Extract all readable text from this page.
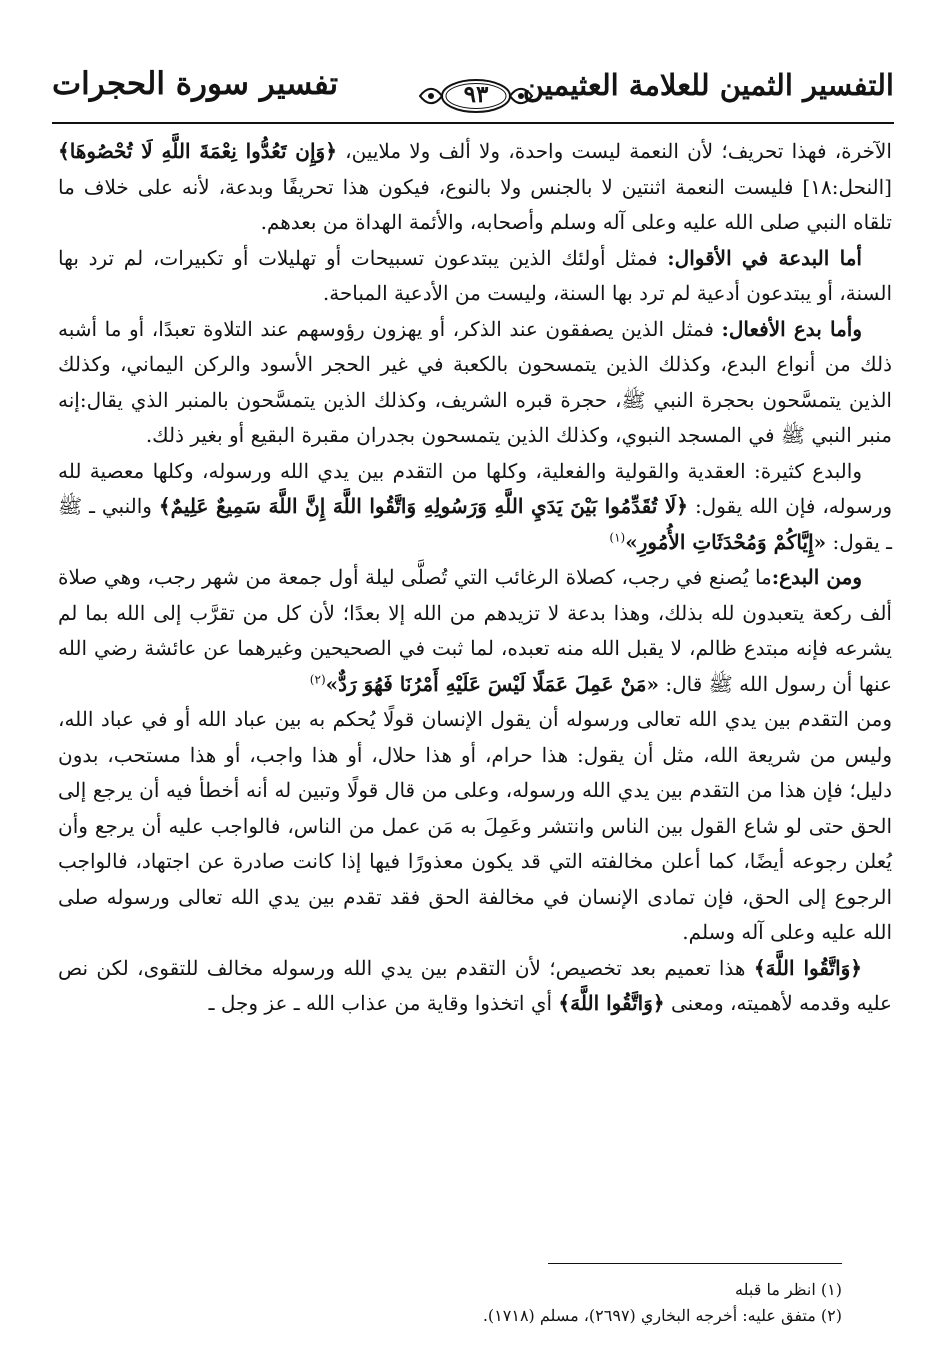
تفسير سورة الحجرات	٩٣	التفسير الثمين للعلامة العثيمين

الآخرة، فهذا تحريف؛ لأن النعمة ليست واحدة، ولا ألف ولا ملايين، ﴿وَإِن تَعُدُّوا نِعْمَةَ اللَّهِ لَا تُحْصُوهَا﴾ [النحل:١٨] فليست النعمة اثنتين لا بالجنس ولا بالنوع، فيكون هذا تحريفًا وبدعة، لأنه على خلاف ما تلقاه النبي صلى الله عليه وعلى آله وسلم وأصحابه، والأئمة الهداة من بعدهم.

أما البدعة في الأقوال: فمثل أولئك الذين يبتدعون تسبيحات أو تهليلات أو تكبيرات، لم ترد بها السنة، أو يبتدعون أدعية لم ترد بها السنة، وليست من الأدعية المباحة.

وأما بدع الأفعال: فمثل الذين يصفقون عند الذكر، أو يهزون رؤوسهم عند التلاوة تعبدًا، أو ما أشبه ذلك من أنواع البدع، وكذلك الذين يتمسحون بالكعبة في غير الحجر الأسود والركن اليماني، وكذلك الذين يتمسَّحون بحجرة النبي ﷺ، حجرة قبره الشريف، وكذلك الذين يتمسَّحون بالمنبر الذي يقال:إنه منبر النبي ﷺ في المسجد النبوي، وكذلك الذين يتمسحون بجدران مقبرة البقيع أو بغير ذلك.

والبدع كثيرة: العقدية والقولية والفعلية، وكلها من التقدم بين يدي الله ورسوله، وكلها معصية لله ورسوله، فإن الله يقول: ﴿لَا تُقَدِّمُوا بَيْنَ يَدَيِ اللَّهِ وَرَسُولِهِ وَاتَّقُوا اللَّهَ إِنَّ اللَّهَ سَمِيعٌ عَلِيمٌ﴾ والنبي ـ ﷺ ـ يقول: «إِيَّاكُمْ وَمُحْدَثَاتِ الأُمُورِ»$^{(١)}$

ومن البدع:ما يُصنع في رجب، كصلاة الرغائب التي تُصلَّى ليلة أول جمعة من شهر رجب، وهي صلاة ألف ركعة يتعبدون لله بذلك، وهذا بدعة لا تزيدهم من الله إلا بعدًا؛ لأن كل من تقرَّب إلى الله بما لم يشرعه فإنه مبتدع ظالم، لا يقبل الله منه تعبده، لما ثبت في الصحيحين وغيرهما عن عائشة رضي الله عنها أن رسول الله ﷺ قال: «مَنْ عَمِلَ عَمَلًا لَيْسَ عَلَيْهِ أَمْرُنَا فَهُوَ رَدٌّ»$^{(٢)}$

ومن التقدم بين يدي الله تعالى ورسوله أن يقول الإنسان قولًا يُحكم به بين عباد الله أو في عباد الله، وليس من شريعة الله، مثل أن يقول: هذا حرام، أو هذا حلال، أو هذا واجب، أو هذا مستحب، بدون دليل؛ فإن هذا من التقدم بين يدي الله ورسوله، وعلى من قال قولًا وتبين له أنه أخطأ فيه أن يرجع إلى الحق حتى لو شاع القول بين الناس وانتشر وعَمِلَ به مَن عمل من الناس، فالواجب عليه أن يرجع وأن يُعلن رجوعه أيضًا، كما أعلن مخالفته التي قد يكون معذورًا فيها إذا كانت صادرة عن اجتهاد، فالواجب الرجوع إلى الحق، فإن تمادى الإنسان في مخالفة الحق فقد تقدم بين يدي الله تعالى ورسوله صلى الله عليه وعلى آله وسلم.

﴿وَاتَّقُوا اللَّهَ﴾ هذا تعميم بعد تخصيص؛ لأن التقدم بين يدي الله ورسوله مخالف للتقوى، لكن نص عليه وقدمه لأهميته، ومعنى ﴿وَاتَّقُوا اللَّهَ﴾ أي اتخذوا وقاية من عذاب الله ـ عز وجل ـ

(١) انظر ما قبله

(٢) متفق عليه: أخرجه البخاري (٢٦٩٧)، مسلم (١٧١٨).
